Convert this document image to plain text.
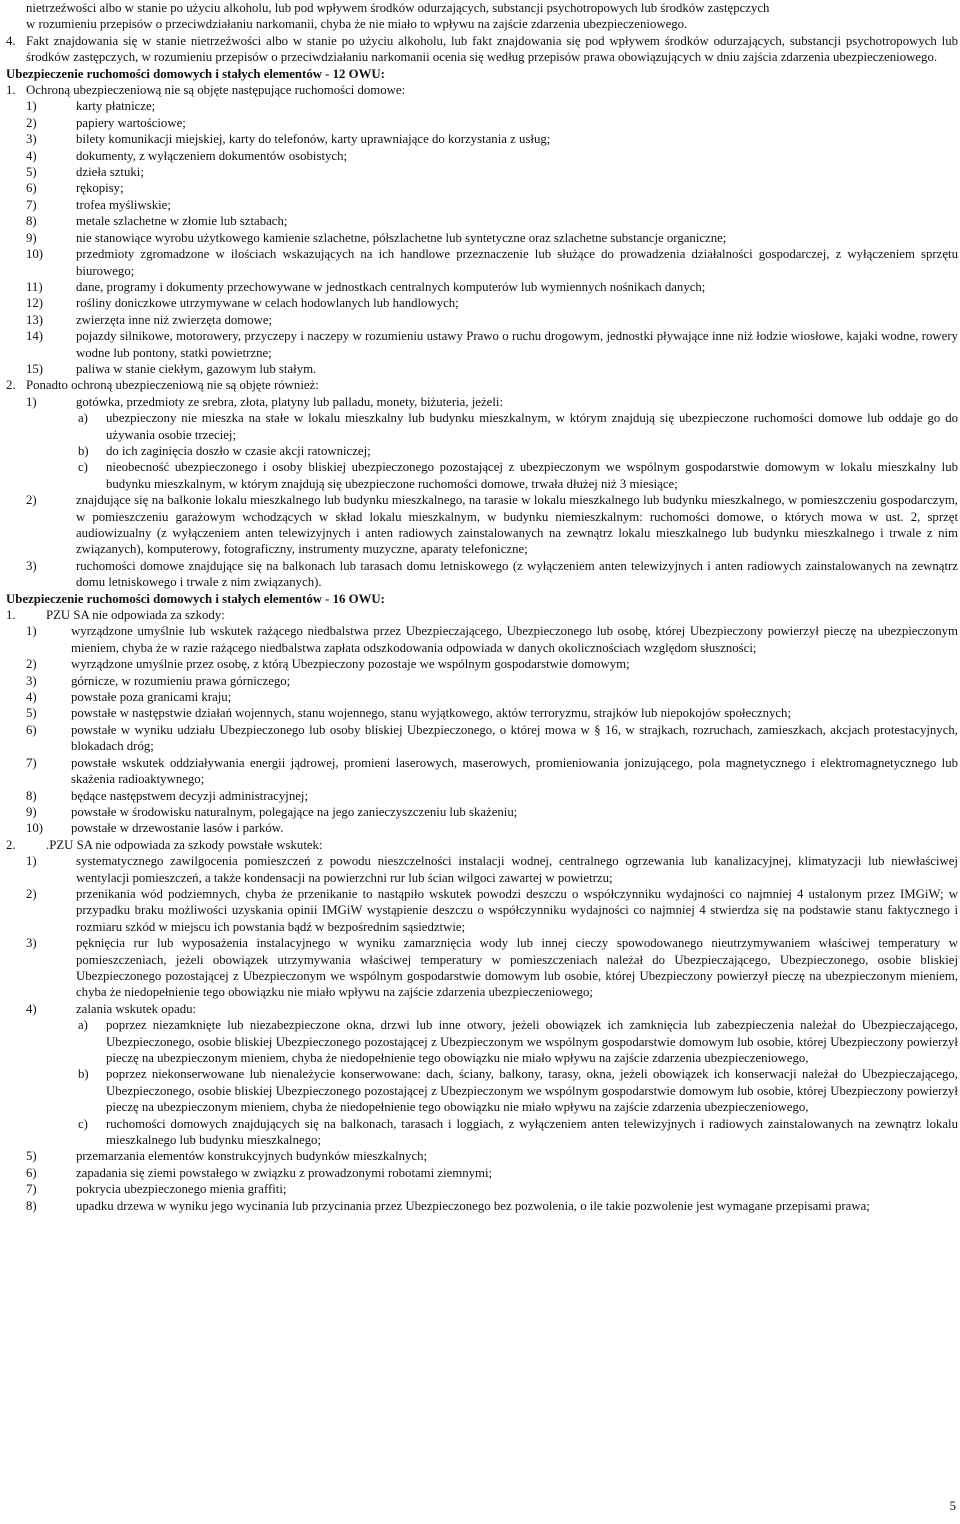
nietrzeźwości albo w stanie po użyciu alkoholu, lub pod wpływem środków odurzających, substancji psychotropowych lub środków zastępczych
w rozumieniu przepisów o przeciwdziałaniu narkomanii, chyba że nie miało to wpływu na zajście zdarzenia ubezpieczeniowego.

4. Fakt znajdowania się w stanie nietrzeźwości albo w stanie po użyciu alkoholu, lub fakt znajdowania się pod wpływem środków odurzających, substancji psychotropowych lub środków zastępczych, w rozumieniu przepisów o przeciwdziałaniu narkomanii ocenia się według przepisów prawa obowiązujących w dniu zajścia zdarzenia ubezpieczeniowego.

Ubezpieczenie ruchomości domowych i stałych elementów - 12 OWU:

1. Ochroną ubezpieczeniową nie są objęte następujące ruchomości domowe:
1)	karty płatnicze;
2)	papiery wartościowe;
3)	bilety komunikacji miejskiej, karty do telefonów, karty uprawniające do korzystania z usług;
4)	dokumenty, z wyłączeniem dokumentów osobistych;
5)	dzieła sztuki;
6)	rękopisy;
7)	trofea myśliwskie;
8)	metale szlachetne w złomie lub sztabach;
9)	nie stanowiące wyrobu użytkowego kamienie szlachetne, półszlachetne lub syntetyczne oraz szlachetne substancje organiczne;
10)	przedmioty zgromadzone w ilościach wskazujących na ich handlowe przeznaczenie lub służące do prowadzenia działalności gospodarczej, z wyłączeniem sprzętu biurowego;
11)	dane, programy i dokumenty przechowywane w jednostkach centralnych komputerów lub wymiennych nośnikach danych;
12)	rośliny doniczkowe utrzymywane w celach hodowlanych lub handlowych;
13)	zwierzęta inne niż zwierzęta domowe;
14)	pojazdy silnikowe, motorowery, przyczepy i naczepy w rozumieniu ustawy Prawo o ruchu drogowym, jednostki pływające inne niż łodzie wiosłowe, kajaki wodne, rowery wodne lub pontony, statki powietrzne;
15)	paliwa w stanie ciekłym, gazowym lub stałym.
2. Ponadto ochroną ubezpieczeniową nie są objęte również:
1)	gotówka, przedmioty ze srebra, złota, platyny lub palladu, monety, biżuteria, jeżeli:
a) ubezpieczony nie mieszka na stałe w lokalu mieszkalny lub budynku mieszkalnym, w którym znajdują się ubezpieczone ruchomości domowe lub oddaje go do używania osobie trzeciej;
b) do ich zaginięcia doszło w czasie akcji ratowniczej;
c) nieobecność ubezpieczonego i osoby bliskiej ubezpieczonego pozostającej z ubezpieczonym we wspólnym gospodarstwie domowym w lokalu mieszkalny lub budynku mieszkalnym, w którym znajdują się ubezpieczone ruchomości domowe, trwała dłużej niż 3 miesiące;
2)	znajdujące się na balkonie lokalu mieszkalnego lub budynku mieszkalnego, na tarasie w lokalu mieszkalnego lub budynku mieszkalnego, w pomieszczeniu gospodarczym, w pomieszczeniu garażowym wchodzących w skład lokalu mieszkalnym, w budynku niemieszkalnym: ruchomości domowe, o których mowa w ust. 2, sprzęt audiowizualny (z wyłączeniem anten telewizyjnych i anten radiowych zainstalowanych na zewnątrz lokalu mieszkalnego lub budynku mieszkalnego i trwale z nim związanych), komputerowy, fotograficzny, instrumenty muzyczne, aparaty telefoniczne;
3)	ruchomości domowe znajdujące się na balkonach lub tarasach domu letniskowego (z wyłączeniem anten telewizyjnych i anten radiowych zainstalowanych na zewnątrz domu letniskowego i trwale z nim związanych).

Ubezpieczenie ruchomości domowych i stałych elementów - 16 OWU:

1. PZU SA nie odpowiada za szkody:
1)	wyrządzone umyślnie lub wskutek rażącego niedbalstwa przez Ubezpieczającego, Ubezpieczonego lub osobę, której Ubezpieczony powierzył pieczę na ubezpieczonym mieniem, chyba że w razie rażącego niedbalstwa zapłata odszkodowania odpowiada w danych okolicznościach względom słuszności;
2)	wyrządzone umyślnie przez osobę, z którą Ubezpieczony pozostaje we wspólnym gospodarstwie domowym;
3)	górnicze, w rozumieniu prawa górniczego;
4)	powstałe poza granicami kraju;
5)	powstałe w następstwie działań wojennych, stanu wojennego, stanu wyjątkowego, aktów terroryzmu, strajków lub niepokojów społecznych;
6)	powstałe w wyniku udziału Ubezpieczonego lub osoby bliskiej Ubezpieczonego, o której mowa w § 16, w strajkach, rozruchach, zamieszkach, akcjach protestacyjnych, blokadach dróg;
7)	powstałe wskutek oddziaływania energii jądrowej, promieni laserowych, maserowych, promieniowania jonizującego, pola magnetycznego i elektromagnetycznego lub skażenia radioaktywnego;
8)	będące następstwem decyzji administracyjnej;
9)	powstałe w środowisku naturalnym, polegające na jego zanieczyszczeniu lub skażeniu;
10) powstałe w drzewostanie lasów i parków.
2. .PZU SA nie odpowiada za szkody powstałe wskutek:
1)	systematycznego zawilgocenia pomieszczeń z powodu nieszczelności instalacji wodnej, centralnego ogrzewania lub kanalizacyjnej, klimatyzacji lub niewłaściwej wentylacji pomieszczeń, a także kondensacji na powierzchni rur lub ścian wilgoci zawartej w powietrzu;
2)	przenikania wód podziemnych, chyba że przenikanie to nastąpiło wskutek powodzi deszczu o współczynniku wydajności co najmniej 4 ustalonym przez IMGiW; w przypadku braku możliwości uzyskania opinii IMGiW wystąpienie deszczu o współczynniku wydajności co najmniej 4 stwierdza się na podstawie stanu faktycznego i rozmiaru szkód w miejscu ich powstania bądź w bezpośrednim sąsiedztwie;
3)	pęknięcia rur lub wyposażenia instalacyjnego w wyniku zamarznięcia wody lub innej cieczy spowodowanego nieutrzymywaniem właściwej temperatury w pomieszczeniach, jeżeli obowiązek utrzymywania właściwej temperatury w pomieszczeniach należał do Ubezpieczającego, Ubezpieczonego, osobie bliskiej Ubezpieczonego pozostającej z Ubezpieczonym we wspólnym gospodarstwie domowym lub osobie, której Ubezpieczony powierzył pieczę na ubezpieczonym mieniem, chyba że niedopełnienie tego obowiązku nie miało wpływu na zajście zdarzenia ubezpieczeniowego;
4)	zalania wskutek opadu:
a) poprzez niezamknięte lub niezabezpieczone okna, drzwi lub inne otwory, jeżeli obowiązek ich zamknięcia lub zabezpieczenia należał do Ubezpieczającego, Ubezpieczonego, osobie bliskiej Ubezpieczonego pozostającej z Ubezpieczonym we wspólnym gospodarstwie domowym lub osobie, której Ubezpieczony powierzył pieczę na ubezpieczonym mieniem, chyba że niedopełnienie tego obowiązku nie miało wpływu na zajście zdarzenia ubezpieczeniowego,
b) poprzez niekonserwowane lub nienależycie konserwowane: dach, ściany, balkony, tarasy, okna, jeżeli obowiązek ich konserwacji należał do Ubezpieczającego, Ubezpieczonego, osobie bliskiej Ubezpieczonego pozostającej z Ubezpieczonym we wspólnym gospodarstwie domowym lub osobie, której Ubezpieczony powierzył pieczę na ubezpieczonym mieniem, chyba że niedopełnienie tego obowiązku nie miało wpływu na zajście zdarzenia ubezpieczeniowego,
c) ruchomości domowych znajdujących się na balkonach, tarasach i loggiach, z wyłączeniem anten telewizyjnych i radiowych zainstalowanych na zewnątrz lokalu mieszkalnego lub budynku mieszkalnego;
5)	przemarzania elementów konstrukcyjnych budynków mieszkalnych;
6)	zapadania się ziemi powstałego w związku z prowadzonymi robotami ziemnymi;
7)	pokrycia ubezpieczonego mienia graffiti;
8)	upadku drzewa w wyniku jego wycinania lub przycinania przez Ubezpieczonego bez pozwolenia, o ile takie pozwolenie jest wymagane przepisami prawa;
5
